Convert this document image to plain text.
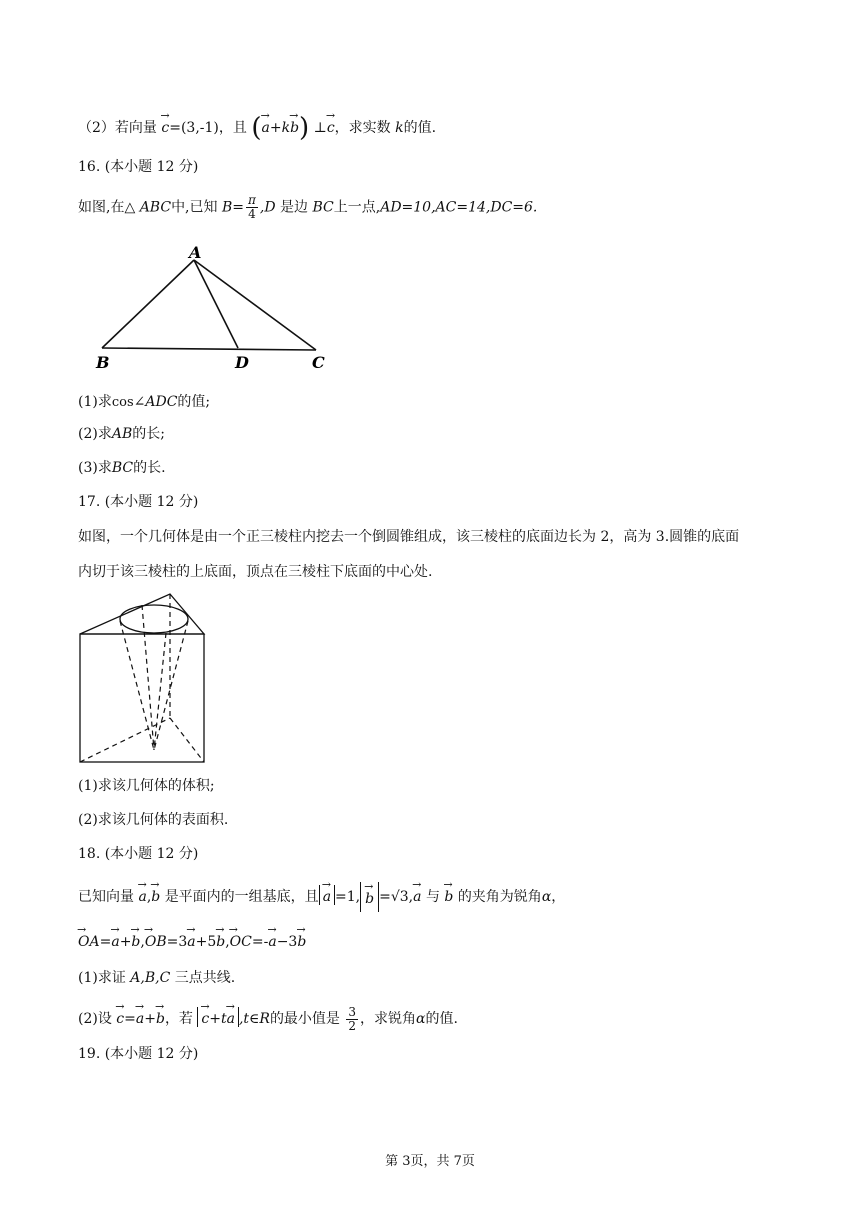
（2）若向量 → c=(3,-1)，且 (→ a+k→ b) ⊥→ c，求实数 k的值.
16. (本小题 12 分)
如图,在△ ABC中,已知 $B= \frac{\pi}{4} ,D$ 是边 BC上一点,AD=10,AC=14,DC=6.
A
B	D	C
(1)求cos∠ADC的值;
(2)求AB的长;
(3)求BC的长.
17. (本小题 12 分)
如图，一个几何体是由一个正三棱柱内挖去一个倒圆锥组成，该三棱柱的底面边长为 2，高为 3.圆锥的底面
内切于该三棱柱的上底面，顶点在三棱柱下底面的中心处.
(1)求该几何体的体积;
(2)求该几何体的表面积.
18. (本小题 12 分)
已知向量 → a,→ b 是平面内的一组基底，且 → a =1, → b =√3,→ a 与 → b 的夹角为锐角α，
→ OA=→ a+→ b,→ OB=3→ a+5→ b,→ OC=-→ a−3→ b
(1)求证 A,B,C 三点共线.
(2)设 → c=→ a+→ b，若 → c+t→ a ,t∈R的最小值是 $\frac{3}{2}$ ，求锐角α的值.
19. (本小题 12 分)
第 3页，共 7页
